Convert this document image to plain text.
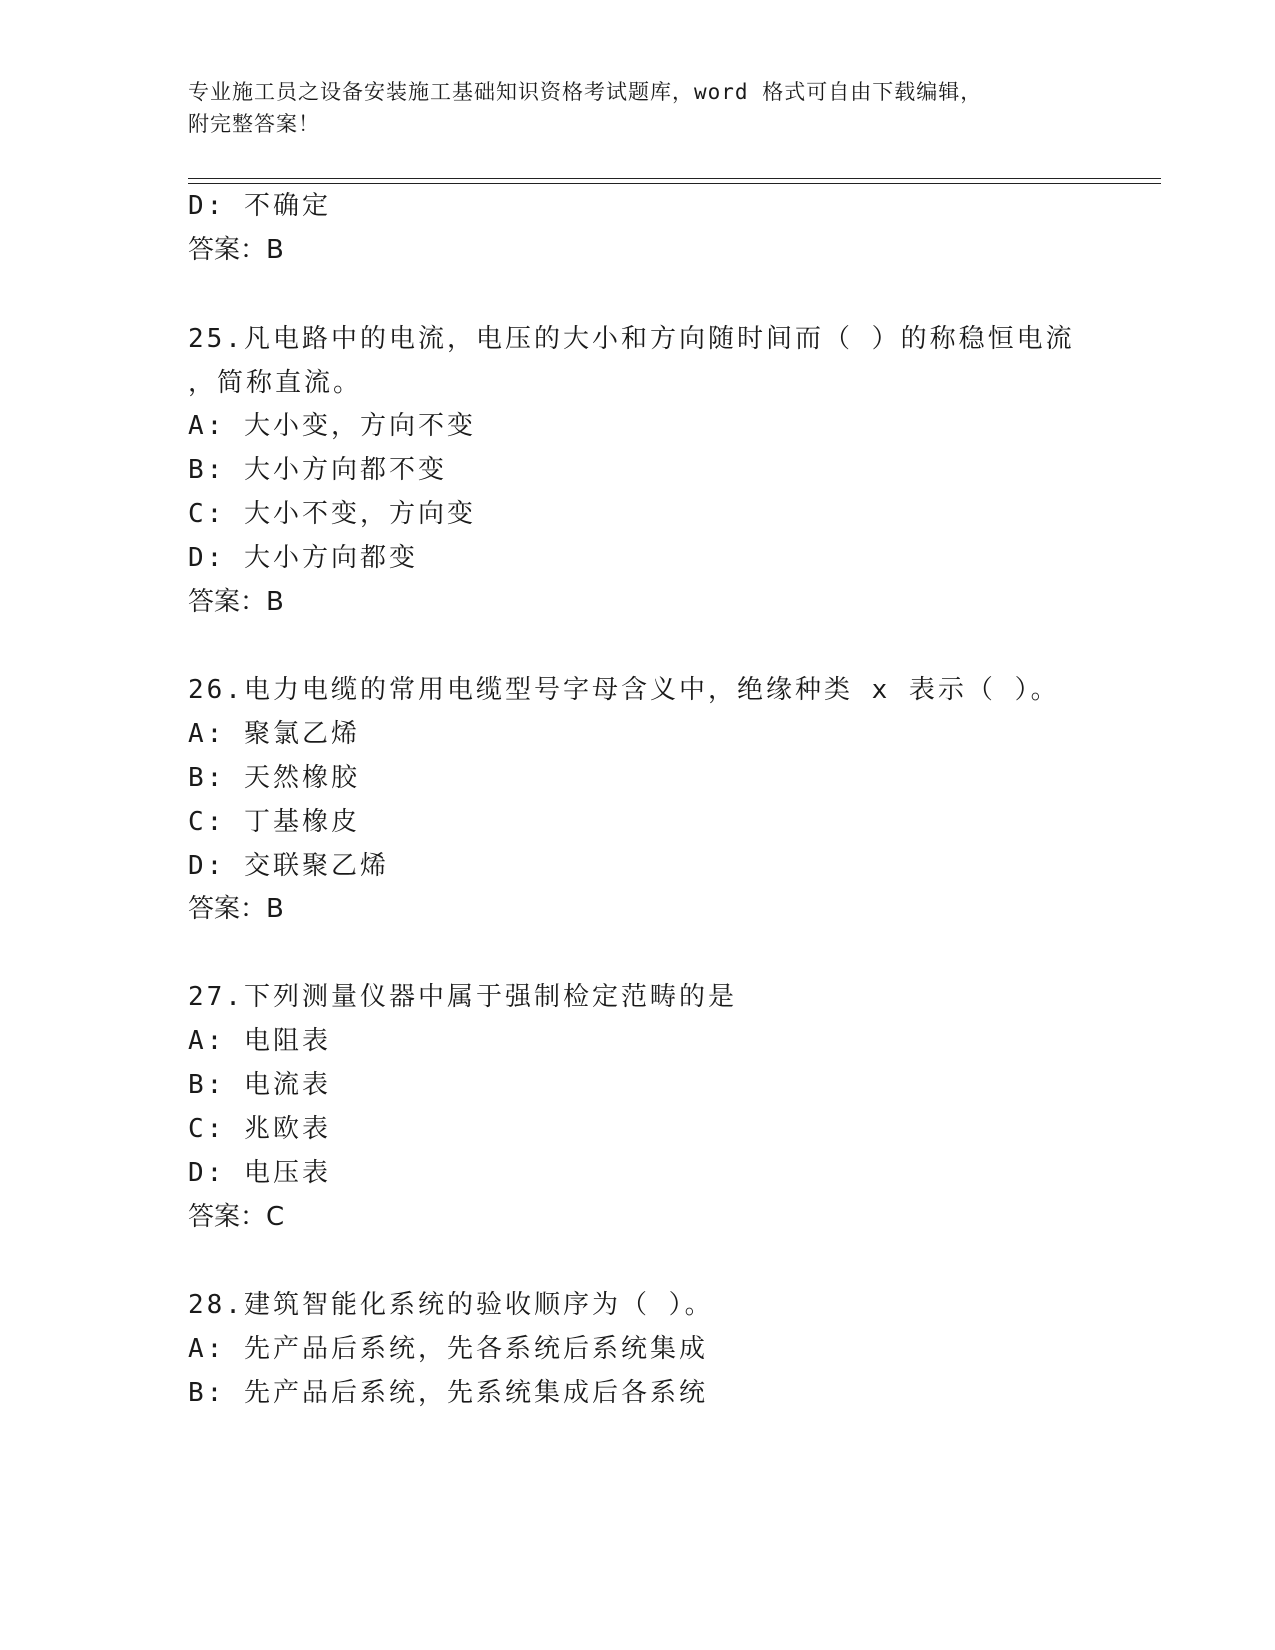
专业施工员之设备安装施工基础知识资格考试题库，word 格式可自由下载编辑，
附完整答案！
D: 不确定
答案：B
25.凡电路中的电流，电压的大小和方向随时间而（ ）的称稳恒电流
，简称直流。
A: 大小变，方向不变
B: 大小方向都不变
C: 大小不变，方向变
D: 大小方向都变
答案：B
26.电力电缆的常用电缆型号字母含义中，绝缘种类 x 表示（ ）。
A: 聚氯乙烯
B: 天然橡胶
C: 丁基橡皮
D: 交联聚乙烯
答案：B
27.下列测量仪器中属于强制检定范畴的是
A: 电阻表
B: 电流表
C: 兆欧表
D: 电压表
答案：C
28.建筑智能化系统的验收顺序为（ ）。
A: 先产品后系统，先各系统后系统集成
B: 先产品后系统，先系统集成后各系统
